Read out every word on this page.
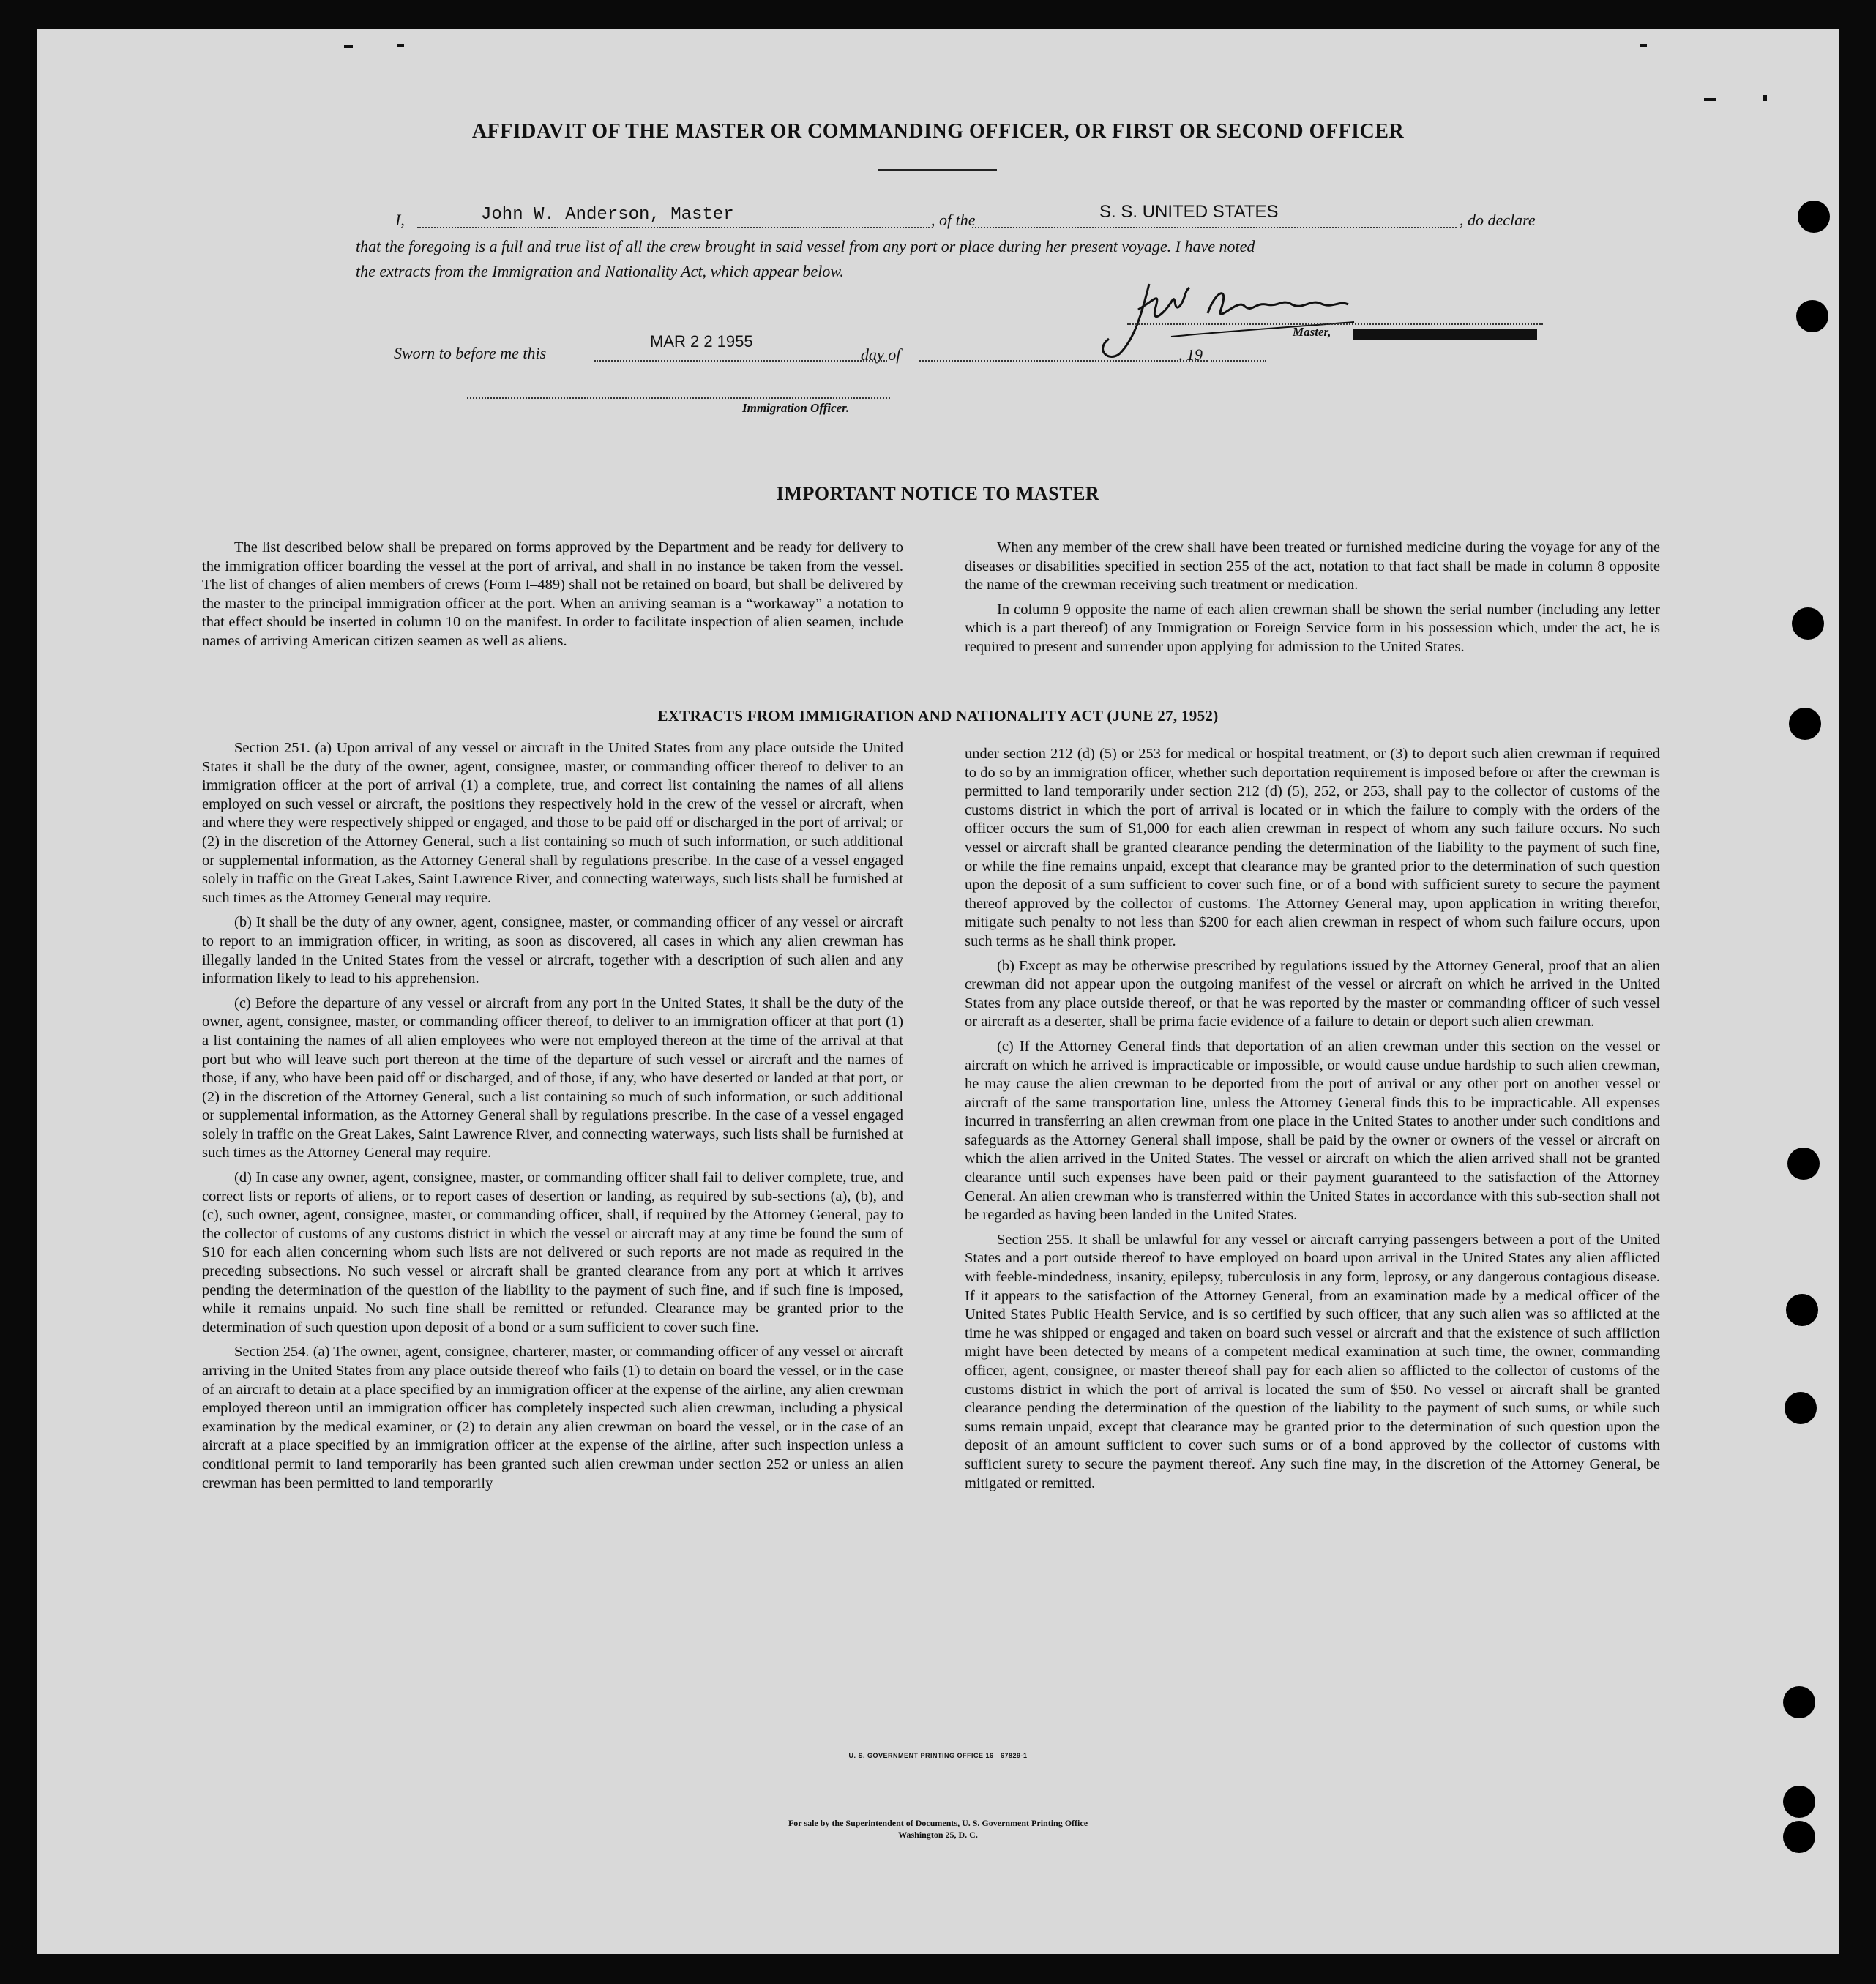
AFFIDAVIT OF THE MASTER OR COMMANDING OFFICER, OR FIRST OR SECOND OFFICER
I,	John W. Anderson, Master	, of the	S. S. UNITED STATES	, do declare
that the foregoing is a full and true list of all the crew brought in said vessel from any port or place during her present voyage. I have noted
the extracts from the Immigration and Nationality Act, which appear below.
Master,
Sworn to before me this
MAR 2 2 1955
day of	, 19
Immigration Officer.
IMPORTANT NOTICE TO MASTER

The list described below shall be prepared on forms approved by the Department and be ready for delivery to the immigration officer boarding the vessel at the port of arrival, and shall in no instance be taken from the vessel. The list of changes of alien members of crews (Form I–489) shall not be retained on board, but shall be delivered by the master to the principal immigration officer at the port. When an arriving seaman is a “workaway” a notation to that effect should be inserted in column 10 on the manifest. In order to facilitate inspection of alien seamen, include names of arriving American citizen seamen as well as aliens.

When any member of the crew shall have been treated or furnished medicine during the voyage for any of the diseases or disabilities specified in section 255 of the act, notation to that fact shall be made in column 8 opposite the name of the crewman receiving such treatment or medication.

In column 9 opposite the name of each alien crewman shall be shown the serial number (including any letter which is a part thereof) of any Immigration or Foreign Service form in his possession which, under the act, he is required to present and surrender upon applying for admission to the United States.

EXTRACTS FROM IMMIGRATION AND NATIONALITY ACT (JUNE 27, 1952)

Section 251. (a) Upon arrival of any vessel or aircraft in the United States from any place outside the United States it shall be the duty of the owner, agent, consignee, master, or commanding officer thereof to deliver to an immigration officer at the port of arrival (1) a complete, true, and correct list containing the names of all aliens employed on such vessel or aircraft, the positions they respectively hold in the crew of the vessel or aircraft, when and where they were respectively shipped or engaged, and those to be paid off or discharged in the port of arrival; or (2) in the discretion of the Attorney General, such a list containing so much of such information, or such additional or supplemental information, as the Attorney General shall by regulations prescribe. In the case of a vessel engaged solely in traffic on the Great Lakes, Saint Lawrence River, and connecting waterways, such lists shall be furnished at such times as the Attorney General may require.

(b) It shall be the duty of any owner, agent, consignee, master, or commanding officer of any vessel or aircraft to report to an immigration officer, in writing, as soon as discovered, all cases in which any alien crewman has illegally landed in the United States from the vessel or aircraft, together with a description of such alien and any information likely to lead to his apprehension.

(c) Before the departure of any vessel or aircraft from any port in the United States, it shall be the duty of the owner, agent, consignee, master, or commanding officer thereof, to deliver to an immigration officer at that port (1) a list containing the names of all alien employees who were not employed thereon at the time of the arrival at that port but who will leave such port thereon at the time of the departure of such vessel or aircraft and the names of those, if any, who have been paid off or discharged, and of those, if any, who have deserted or landed at that port, or (2) in the discretion of the Attorney General, such a list containing so much of such information, or such additional or supplemental information, as the Attorney General shall by regulations prescribe. In the case of a vessel engaged solely in traffic on the Great Lakes, Saint Lawrence River, and connecting waterways, such lists shall be furnished at such times as the Attorney General may require.

(d) In case any owner, agent, consignee, master, or commanding officer shall fail to deliver complete, true, and correct lists or reports of aliens, or to report cases of desertion or landing, as required by sub-sections (a), (b), and (c), such owner, agent, consignee, master, or commanding officer, shall, if required by the Attorney General, pay to the collector of customs of any customs district in which the vessel or aircraft may at any time be found the sum of $10 for each alien concerning whom such lists are not delivered or such reports are not made as required in the preceding subsections. No such vessel or aircraft shall be granted clearance from any port at which it arrives pending the determination of the question of the liability to the payment of such fine, and if such fine is imposed, while it remains unpaid. No such fine shall be remitted or refunded. Clearance may be granted prior to the determination of such question upon deposit of a bond or a sum sufficient to cover such fine.

Section 254. (a) The owner, agent, consignee, charterer, master, or commanding officer of any vessel or aircraft arriving in the United States from any place outside thereof who fails (1) to detain on board the vessel, or in the case of an aircraft to detain at a place specified by an immigration officer at the expense of the airline, any alien crewman employed thereon until an immigration officer has completely inspected such alien crewman, including a physical examination by the medical examiner, or (2) to detain any alien crewman on board the vessel, or in the case of an aircraft at a place specified by an immigration officer at the expense of the airline, after such inspection unless a conditional permit to land temporarily has been granted such alien crewman under section 252 or unless an alien crewman has been permitted to land temporarily

under section 212 (d) (5) or 253 for medical or hospital treatment, or (3) to deport such alien crewman if required to do so by an immigration officer, whether such deportation requirement is imposed before or after the crewman is permitted to land temporarily under section 212 (d) (5), 252, or 253, shall pay to the collector of customs of the customs district in which the port of arrival is located or in which the failure to comply with the orders of the officer occurs the sum of $1,000 for each alien crewman in respect of whom any such failure occurs. No such vessel or aircraft shall be granted clearance pending the determination of the liability to the payment of such fine, or while the fine remains unpaid, except that clearance may be granted prior to the determination of such question upon the deposit of a sum sufficient to cover such fine, or of a bond with sufficient surety to secure the payment thereof approved by the collector of customs. The Attorney General may, upon application in writing therefor, mitigate such penalty to not less than $200 for each alien crewman in respect of whom such failure occurs, upon such terms as he shall think proper.

(b) Except as may be otherwise prescribed by regulations issued by the Attorney General, proof that an alien crewman did not appear upon the outgoing manifest of the vessel or aircraft on which he arrived in the United States from any place outside thereof, or that he was reported by the master or commanding officer of such vessel or aircraft as a deserter, shall be prima facie evidence of a failure to detain or deport such alien crewman.

(c) If the Attorney General finds that deportation of an alien crewman under this section on the vessel or aircraft on which he arrived is impracticable or impossible, or would cause undue hardship to such alien crewman, he may cause the alien crewman to be deported from the port of arrival or any other port on another vessel or aircraft of the same transportation line, unless the Attorney General finds this to be impracticable. All expenses incurred in transferring an alien crewman from one place in the United States to another under such conditions and safeguards as the Attorney General shall impose, shall be paid by the owner or owners of the vessel or aircraft on which the alien arrived in the United States. The vessel or aircraft on which the alien arrived shall not be granted clearance until such expenses have been paid or their payment guaranteed to the satisfaction of the Attorney General. An alien crewman who is transferred within the United States in accordance with this sub-section shall not be regarded as having been landed in the United States.

Section 255. It shall be unlawful for any vessel or aircraft carrying passengers between a port of the United States and a port outside thereof to have employed on board upon arrival in the United States any alien afflicted with feeble-mindedness, insanity, epilepsy, tuberculosis in any form, leprosy, or any dangerous contagious disease. If it appears to the satisfaction of the Attorney General, from an examination made by a medical officer of the United States Public Health Service, and is so certified by such officer, that any such alien was so afflicted at the time he was shipped or engaged and taken on board such vessel or aircraft and that the existence of such affliction might have been detected by means of a competent medical examination at such time, the owner, commanding officer, agent, consignee, or master thereof shall pay for each alien so afflicted to the collector of customs of the customs district in which the port of arrival is located the sum of $50. No vessel or aircraft shall be granted clearance pending the determination of the question of the liability to the payment of such sums, or while such sums remain unpaid, except that clearance may be granted prior to the determination of such question upon the deposit of an amount sufficient to cover such sums or of a bond approved by the collector of customs with sufficient surety to secure the payment thereof. Any such fine may, in the discretion of the Attorney General, be mitigated or remitted.

U. S. GOVERNMENT PRINTING OFFICE 16—67829-1
For sale by the Superintendent of Documents, U. S. Government Printing Office
Washington 25, D. C.
